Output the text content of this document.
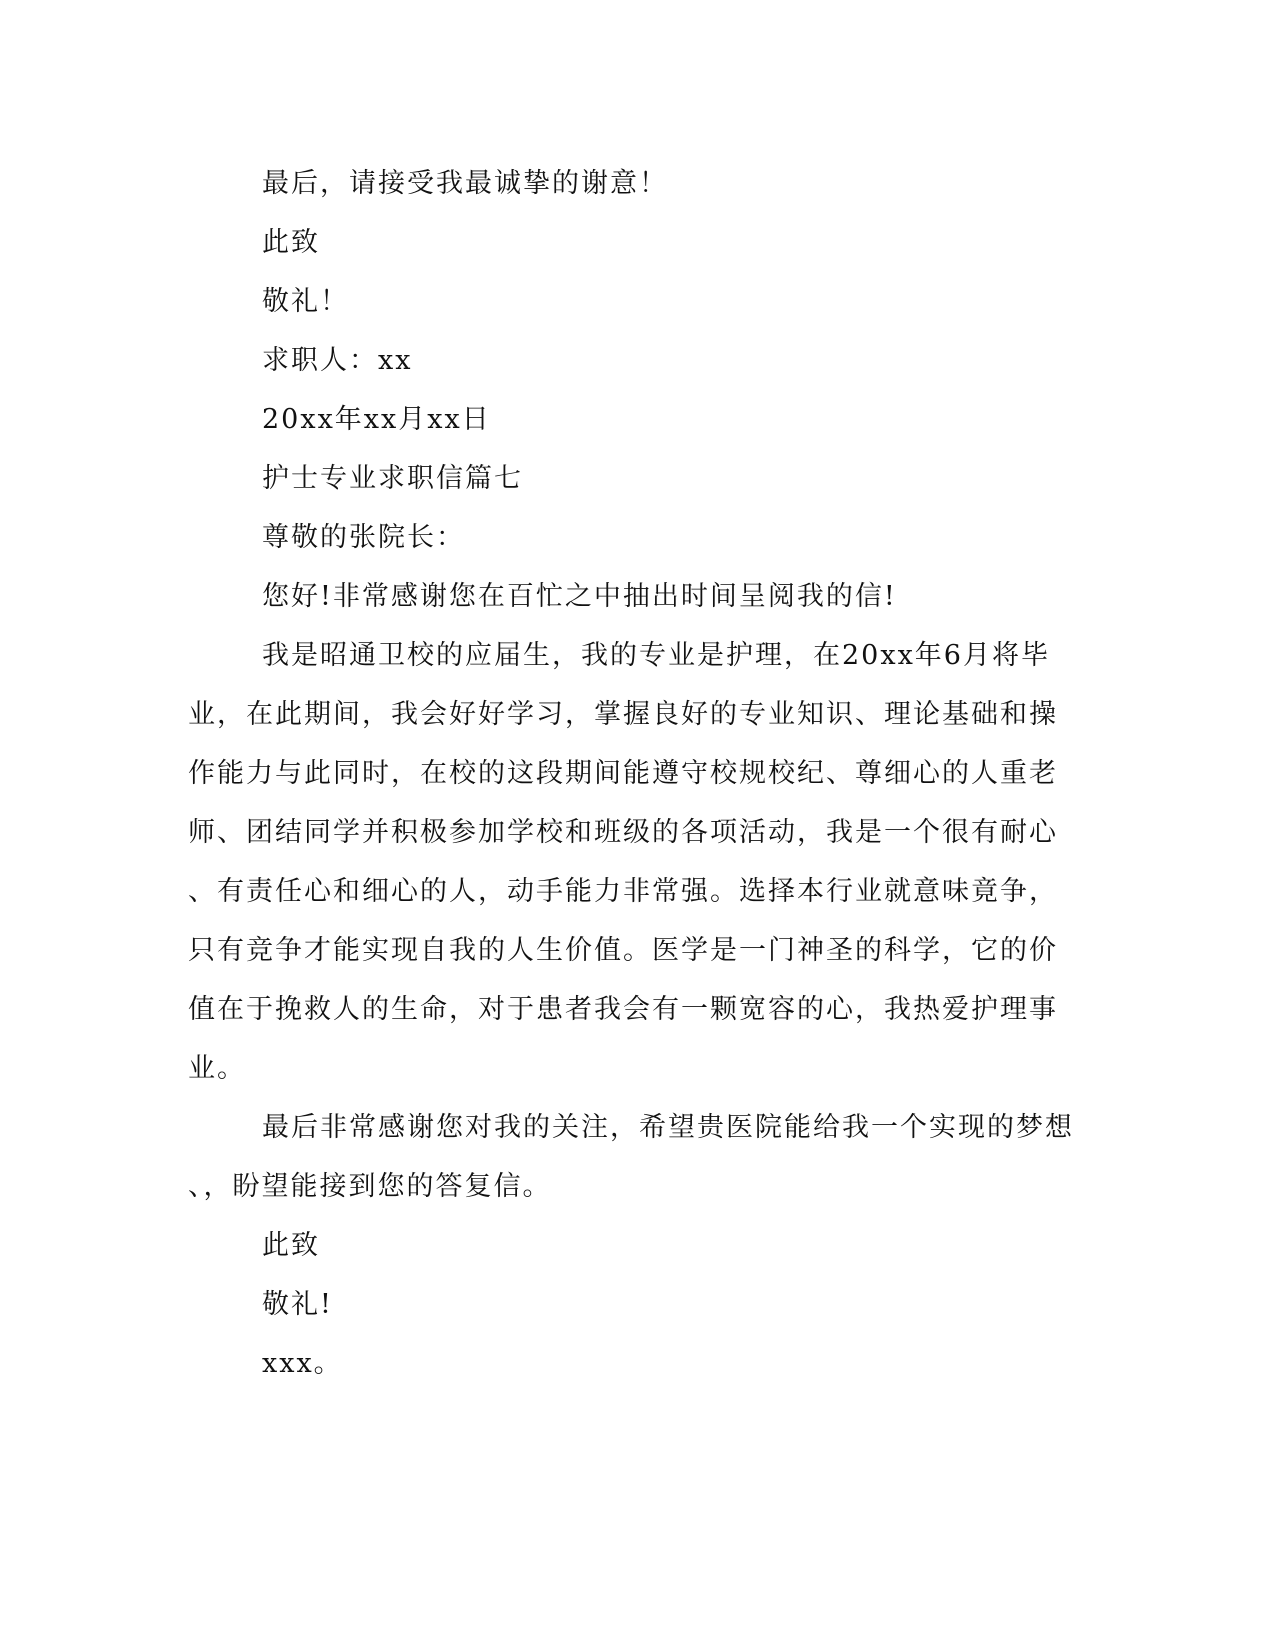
最后，请接受我最诚挚的谢意！
此致
敬礼！
求职人：xx
20xx年xx月xx日
护士专业求职信篇七
尊敬的张院长：
您好!非常感谢您在百忙之中抽出时间呈阅我的信!
我是昭通卫校的应届生，我的专业是护理，在20xx年6月将毕
业，在此期间，我会好好学习，掌握良好的专业知识、理论基础和操
作能力与此同时，在校的这段期间能遵守校规校纪、尊细心的人重老
师、团结同学并积极参加学校和班级的各项活动，我是一个很有耐心
、有责任心和细心的人，动手能力非常强。选择本行业就意味竟争，
只有竞争才能实现自我的人生价值。医学是一门神圣的科学，它的价
值在于挽救人的生命，对于患者我会有一颗宽容的心，我热爱护理事
业。
最后非常感谢您对我的关注，希望贵医院能给我一个实现的梦想
、，盼望能接到您的答复信。
此致
敬礼!
xxx。
